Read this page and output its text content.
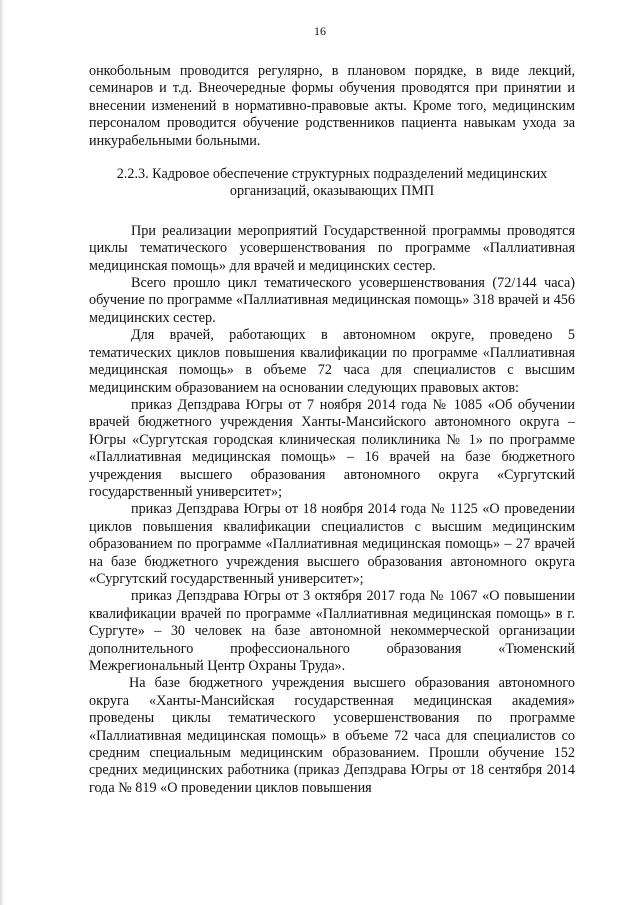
16

онкобольным проводится регулярно, в плановом порядке, в виде лекций, семинаров и т.д. Внеочередные формы обучения проводятся при принятии и внесении изменений в нормативно-правовые акты. Кроме того, медицинским персоналом проводится обучение родственников пациента навыкам ухода за инкурабельными больными.

2.2.3. Кадровое обеспечение структурных подразделений медицинских организаций, оказывающих ПМП

При реализации мероприятий Государственной программы проводятся циклы тематического усовершенствования по программе «Паллиативная медицинская помощь» для врачей и медицинских сестер.

Всего прошло цикл тематического усовершенствования (72/144 часа) обучение по программе «Паллиативная медицинская помощь» 318 врачей и 456 медицинских сестер.

Для врачей, работающих в автономном округе, проведено 5 тематических циклов повышения квалификации по программе «Паллиативная медицинская помощь» в объеме 72 часа для специалистов с высшим медицинским образованием на основании следующих правовых актов:

приказ Депздрава Югры от 7 ноября 2014 года № 1085 «Об обучении врачей бюджетного учреждения Ханты-Мансийского автономного округа – Югры «Сургутская городская клиническая поликлиника № 1» по программе «Паллиативная медицинская помощь» – 16 врачей на базе бюджетного учреждения высшего образования автономного округа «Сургутский государственный университет»;

приказ Депздрава Югры от 18 ноября 2014 года № 1125 «О проведении циклов повышения квалификации специалистов с высшим медицинским образованием по программе «Паллиативная медицинская помощь» – 27 врачей на базе бюджетного учреждения высшего образования автономного округа «Сургутский государственный университет»;

приказ Депздрава Югры от 3 октября 2017 года № 1067 «О повышении квалификации врачей по программе «Паллиативная медицинская помощь» в г. Сургуте» – 30 человек на базе автономной некоммерческой организации дополнительного профессионального образования «Тюменский Межрегиональный Центр Охраны Труда».

На базе бюджетного учреждения высшего образования автономного округа «Ханты-Мансийская государственная медицинская академия» проведены циклы тематического усовершенствования по программе «Паллиативная медицинская помощь» в объеме 72 часа для специалистов со средним специальным медицинским образованием. Прошли обучение 152 средних медицинских работника (приказ Депздрава Югры от 18 сентября 2014 года № 819 «О проведении циклов повышения
